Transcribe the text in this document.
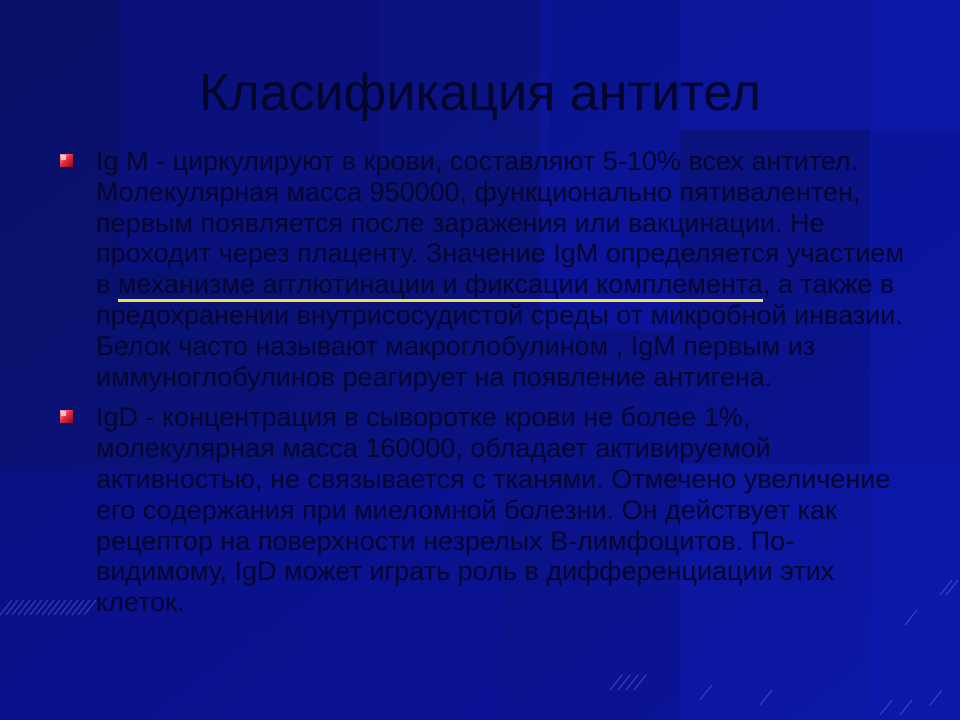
Класификация антител
Ig M - циркулируют в крови, составляют 5-10% всех антител. Молекулярная масса 950000, функционально пятивалентен, первым появляется после заражения или вакцинации. Не проходит через плаценту. Значение IgM определяется участием в механизме агглютинации и фиксации комплемента, а также в предохранении внутрисосудистой среды от микробной инвазии. Белок часто называют макроглобулином , IgM первым из иммуноглобулинов реагирует на появление антигена.
IgD - концентрация в сыворотке крови не более 1%, молекулярная масса 160000, обладает активируемой активностью, не связывается с тканями. Отмечено увеличение его содержания при миеломной болезни. Он действует как рецептор на поверхности незрелых В-лимфоцитов. По-видимому, IgD может играть роль в дифференциации этих клеток.
